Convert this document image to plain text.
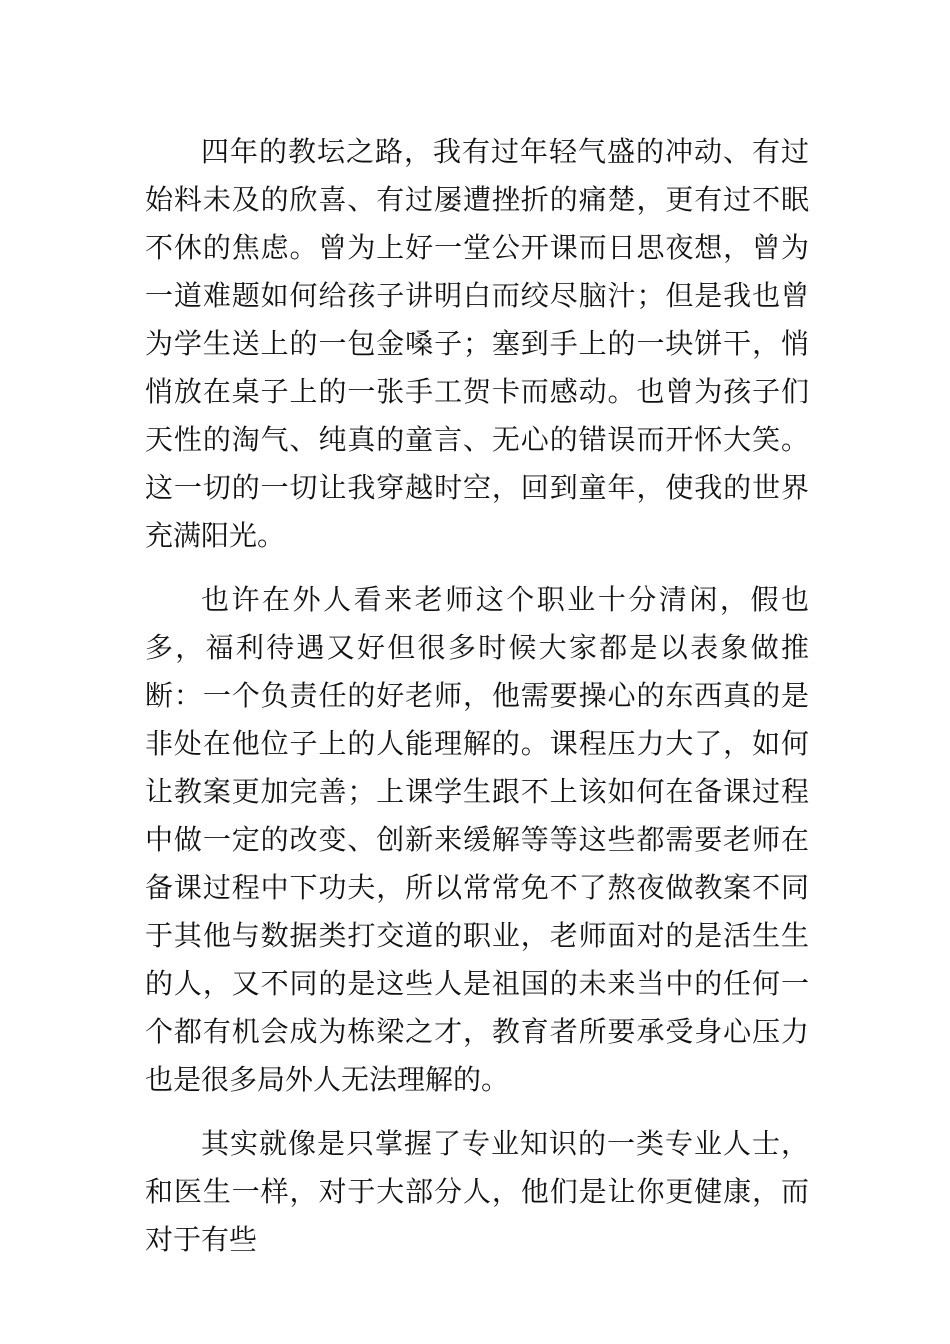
四年的教坛之路，我有过年轻气盛的冲动、有过始料未及的欣喜、有过屡遭挫折的痛楚，更有过不眠不休的焦虑。曾为上好一堂公开课而日思夜想，曾为一道难题如何给孩子讲明白而绞尽脑汁；但是我也曾为学生送上的一包金嗓子；塞到手上的一块饼干，悄悄放在桌子上的一张手工贺卡而感动。也曾为孩子们天性的淘气、纯真的童言、无心的错误而开怀大笑。这一切的一切让我穿越时空，回到童年，使我的世界充满阳光。

也许在外人看来老师这个职业十分清闲，假也多，福利待遇又好但很多时候大家都是以表象做推断：一个负责任的好老师，他需要操心的东西真的是非处在他位子上的人能理解的。课程压力大了，如何让教案更加完善；上课学生跟不上该如何在备课过程中做一定的改变、创新来缓解等等这些都需要老师在备课过程中下功夫，所以常常免不了熬夜做教案不同于其他与数据类打交道的职业，老师面对的是活生生的人，又不同的是这些人是祖国的未来当中的任何一个都有机会成为栋梁之才，教育者所要承受身心压力也是很多局外人无法理解的。

其实就像是只掌握了专业知识的一类专业人士，和医生一样，对于大部分人，他们是让你更健康，而对于有些
